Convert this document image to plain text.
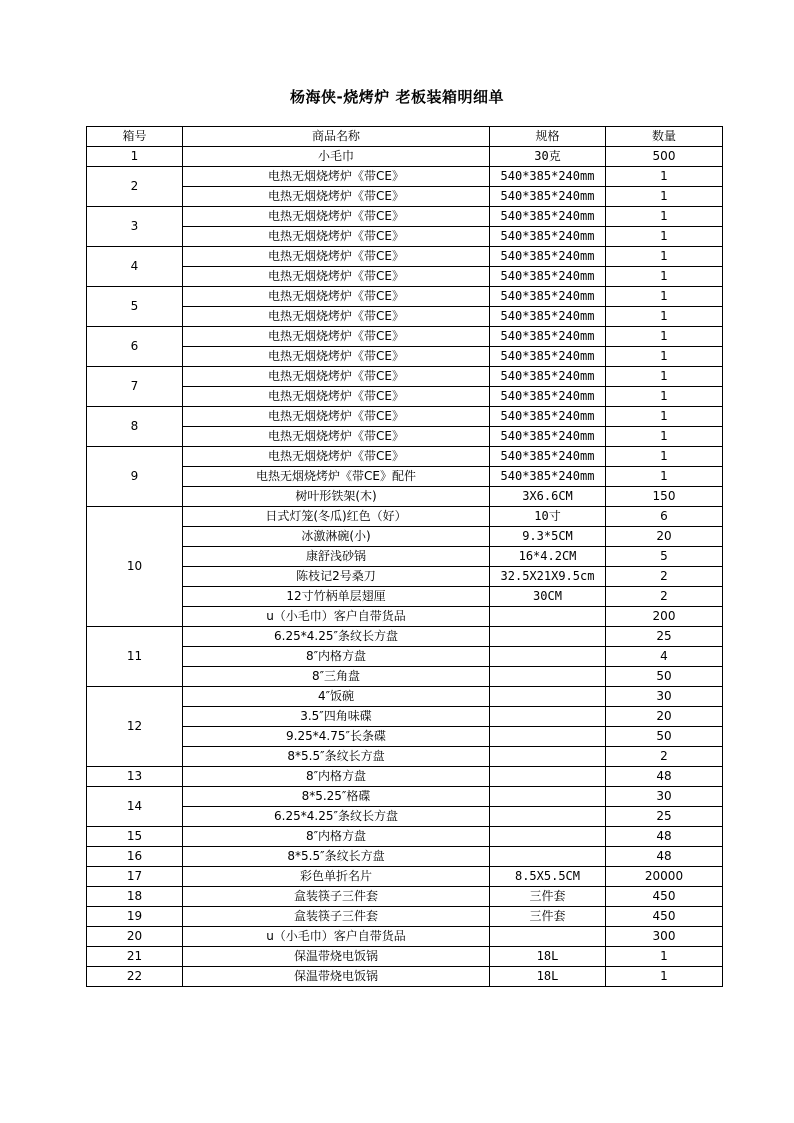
杨海侠-烧烤炉 老板装箱明细单
箱号	商品名称	规格	数量
1	小毛巾	30克	500
2	电热无烟烧烤炉《带CE》	540*385*240mm	1
	电热无烟烧烤炉《带CE》	540*385*240mm	1
3	电热无烟烧烤炉《带CE》	540*385*240mm	1
	电热无烟烧烤炉《带CE》	540*385*240mm	1
4	电热无烟烧烤炉《带CE》	540*385*240mm	1
	电热无烟烧烤炉《带CE》	540*385*240mm	1
5	电热无烟烧烤炉《带CE》	540*385*240mm	1
	电热无烟烧烤炉《带CE》	540*385*240mm	1
6	电热无烟烧烤炉《带CE》	540*385*240mm	1
	电热无烟烧烤炉《带CE》	540*385*240mm	1
7	电热无烟烧烤炉《带CE》	540*385*240mm	1
	电热无烟烧烤炉《带CE》	540*385*240mm	1
8	电热无烟烧烤炉《带CE》	540*385*240mm	1
	电热无烟烧烤炉《带CE》	540*385*240mm	1
9	电热无烟烧烤炉《带CE》	540*385*240mm	1
	电热无烟烧烤炉《带CE》配件	540*385*240mm	1
	树叶形铁架(木)	3X6.6CM	150
10	日式灯笼(冬瓜)红色（好）	10寸	6
	冰激淋碗(小)	9.3*5CM	20
	康舒浅砂锅	16*4.2CM	5
	陈枝记2号桑刀	32.5X21X9.5cm	2
	12寸竹柄单层翅厘	30CM	2
	u（小毛巾）客户自带货品		200
11	6.25*4.25″条纹长方盘		25
	8″内格方盘		4
	8″三角盘		50
12	4″饭碗		30
	3.5″四角味碟		20
	9.25*4.75″长条碟		50
	8*5.5″条纹长方盘		2
13	8″内格方盘		48
14	8*5.25″格碟		30
	6.25*4.25″条纹长方盘		25
15	8″内格方盘		48
16	8*5.5″条纹长方盘		48
17	彩色单折名片	8.5X5.5CM	20000
18	盒装筷子三件套	三件套	450
19	盒装筷子三件套	三件套	450
20	u（小毛巾）客户自带货品		300
21	保温带烧电饭锅	18L	1
22	保温带烧电饭锅	18L	1
